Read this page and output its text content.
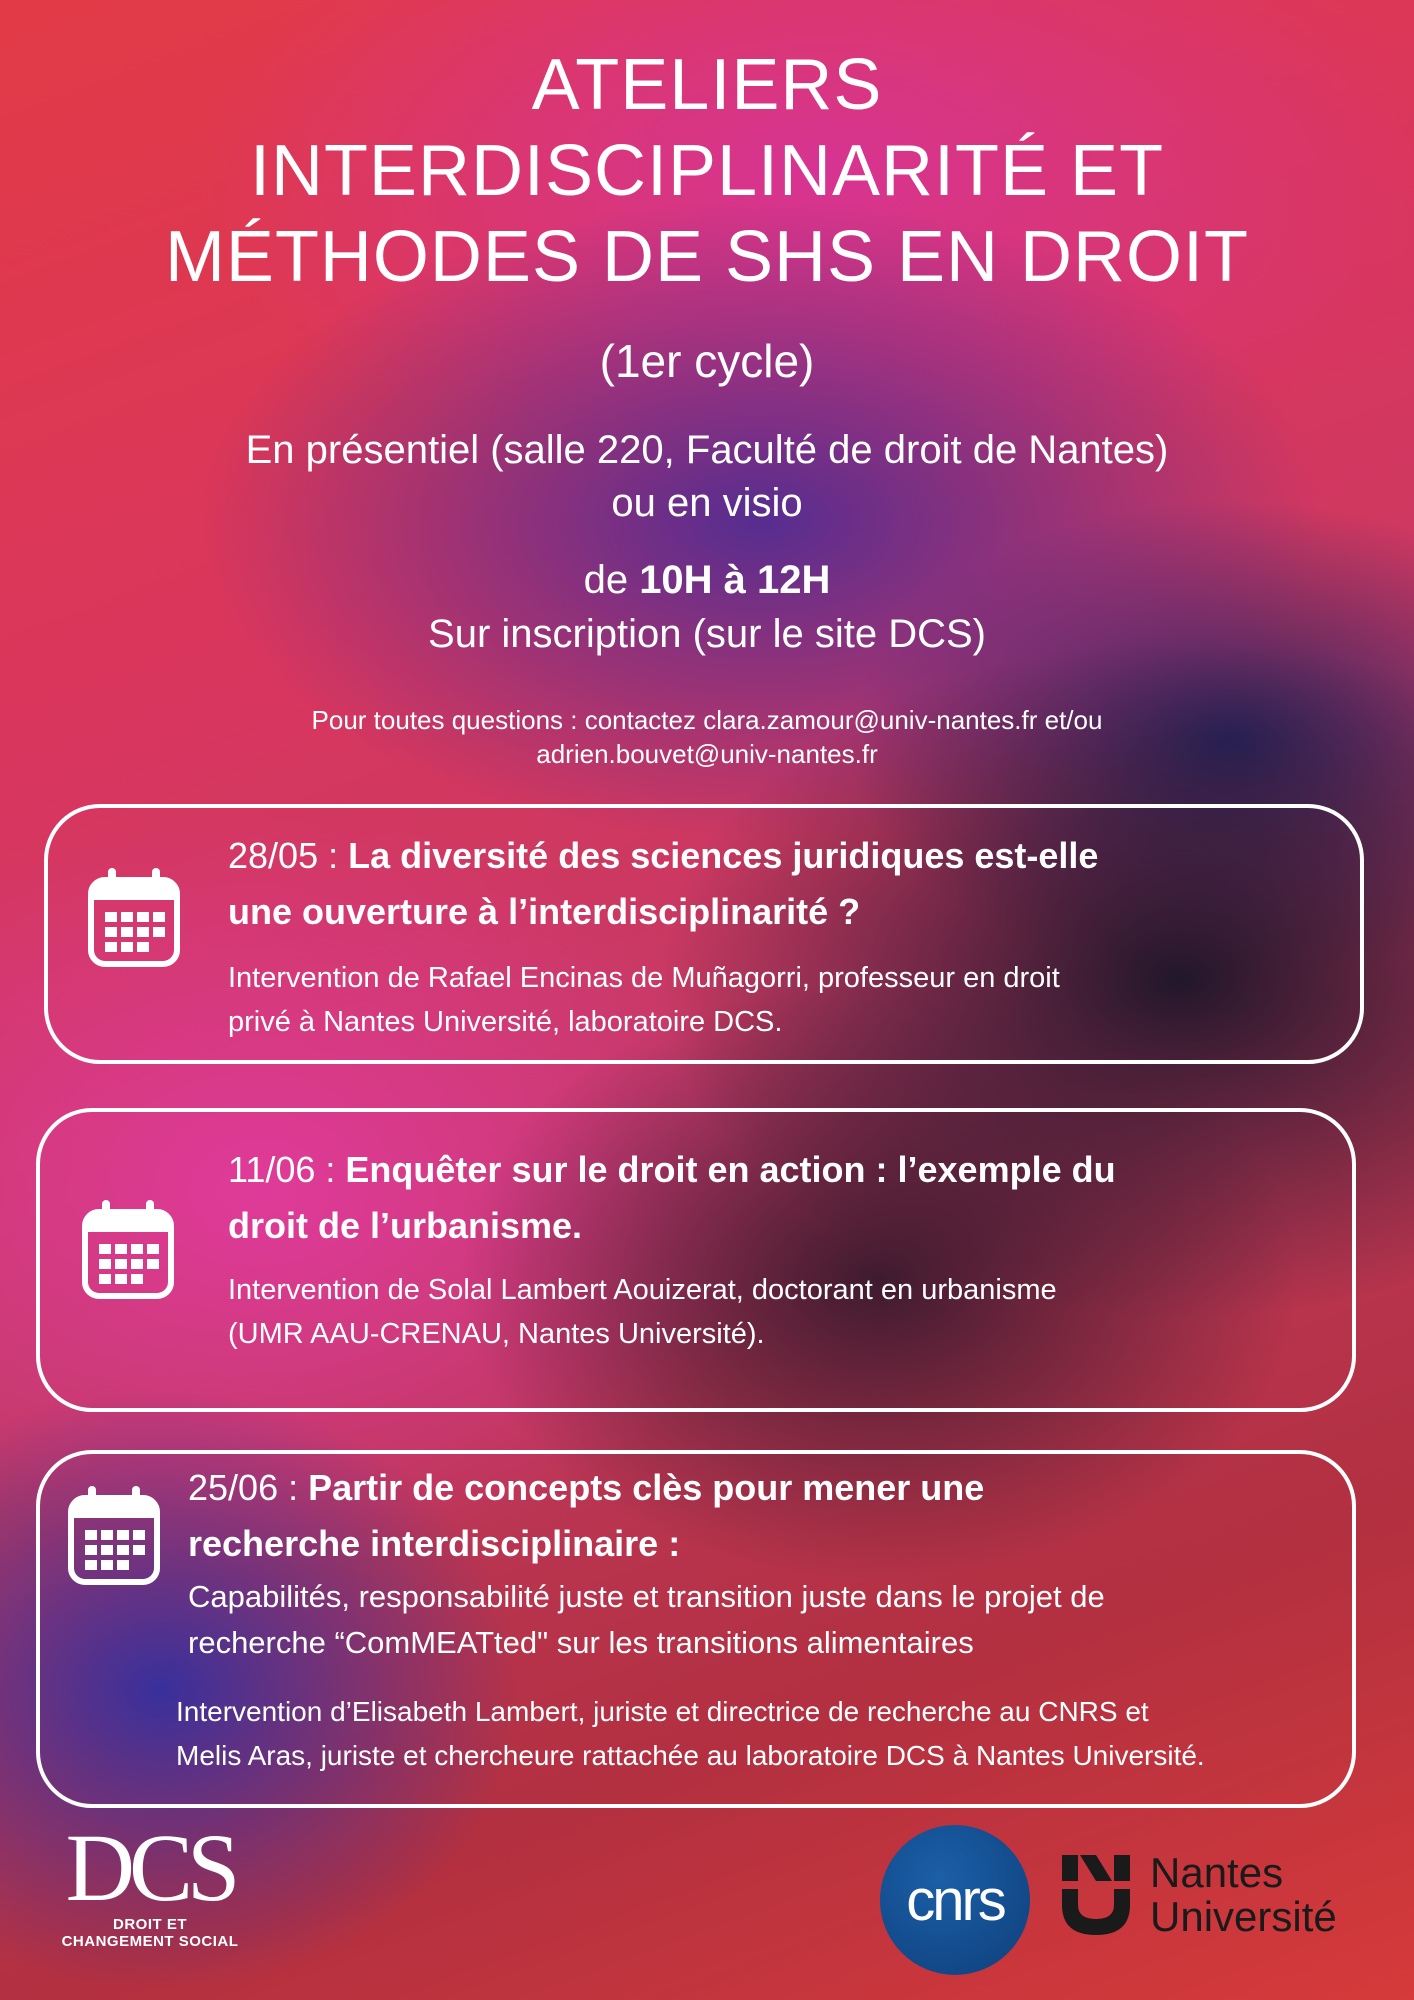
ATELIERS

INTERDISCIPLINARITÉ ET

MÉTHODES DE SHS EN DROIT

(1er cycle)
En présentiel (salle 220, Faculté de droit de Nantes)
ou en visio
de 10H à 12H
Sur inscription (sur le site DCS)
Pour toutes questions : contactez clara.zamour@univ-nantes.fr et/ou
adrien.bouvet@univ-nantes.fr
28/05 : La diversité des sciences juridiques est-elle
une ouverture à l’interdisciplinarité ?
Intervention de Rafael Encinas de Muñagorri, professeur en droit
privé à Nantes Université, laboratoire DCS.
11/06 : Enquêter sur le droit en action : l’exemple du
droit de l’urbanisme.
Intervention de Solal Lambert Aouizerat, doctorant en urbanisme
(UMR AAU-CRENAU, Nantes Université).
25/06 : Partir de concepts clès pour mener une
recherche interdisciplinaire :
Capabilités, responsabilité juste et transition juste dans le projet de
recherche “ComMEATted" sur les transitions alimentaires
Intervention d’Elisabeth Lambert, juriste et directrice de recherche au CNRS et
Melis Aras, juriste et chercheure rattachée au laboratoire DCS à Nantes Université.
DCS
DROIT ET
CHANGEMENT SOCIAL
cnrs	Nantes
Université
